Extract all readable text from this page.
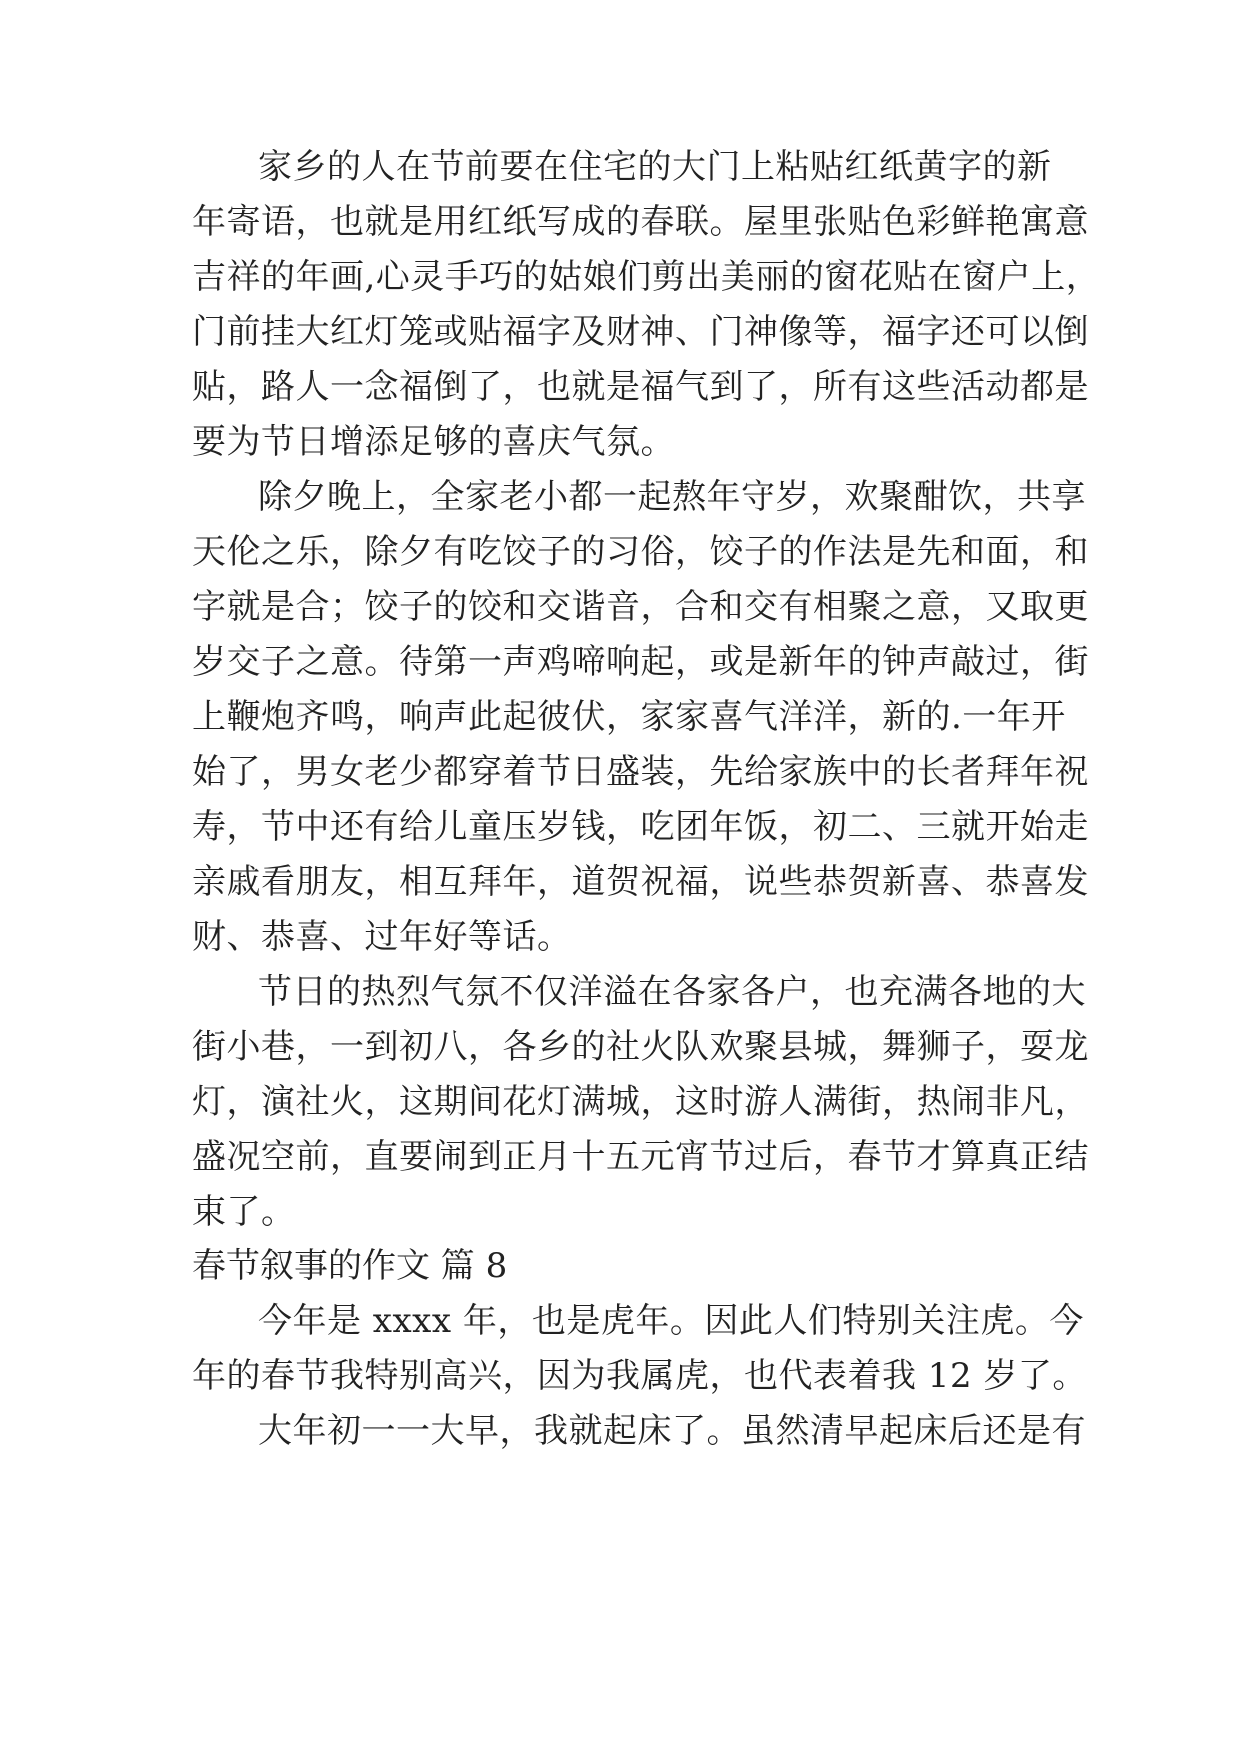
家乡的人在节前要在住宅的大门上粘贴红纸黄字的新
年寄语，也就是用红纸写成的春联。屋里张贴色彩鲜艳寓意
吉祥的年画,心灵手巧的姑娘们剪出美丽的窗花贴在窗户上，
门前挂大红灯笼或贴福字及财神、门神像等，福字还可以倒
贴，路人一念福倒了，也就是福气到了，所有这些活动都是
要为节日增添足够的喜庆气氛。
除夕晚上，全家老小都一起熬年守岁，欢聚酣饮，共享
天伦之乐，除夕有吃饺子的习俗，饺子的作法是先和面，和
字就是合；饺子的饺和交谐音，合和交有相聚之意，又取更
岁交子之意。待第一声鸡啼响起，或是新年的钟声敲过，街
上鞭炮齐鸣，响声此起彼伏，家家喜气洋洋，新的.一年开
始了，男女老少都穿着节日盛装，先给家族中的长者拜年祝
寿，节中还有给儿童压岁钱，吃团年饭，初二、三就开始走
亲戚看朋友，相互拜年，道贺祝福，说些恭贺新喜、恭喜发
财、恭喜、过年好等话。
节日的热烈气氛不仅洋溢在各家各户，也充满各地的大
街小巷，一到初八，各乡的社火队欢聚县城，舞狮子，耍龙
灯，演社火，这期间花灯满城，这时游人满街，热闹非凡，
盛况空前，直要闹到正月十五元宵节过后，春节才算真正结
束了。
春节叙事的作文 篇 8
今年是 xxxx 年，也是虎年。因此人们特别关注虎。今
年的春节我特别高兴，因为我属虎，也代表着我 12 岁了。
大年初一一大早，我就起床了。虽然清早起床后还是有
